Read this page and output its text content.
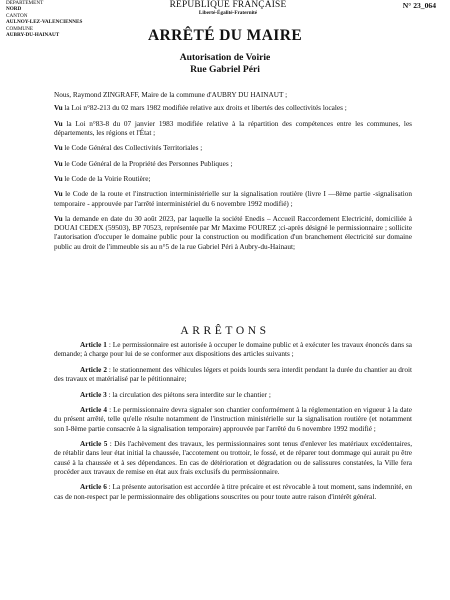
DÉPARTEMENT
NORD
CANTON
AULNOY-LEZ-VALENCIENNES
COMMUNE
AUBRY-DU-HAINAUT
RÉPUBLIQUE FRANÇAISE
Liberté-Égalité-Fraternité
N° 23_064
ARRÊTÉ DU MAIRE
Autorisation de Voirie
Rue Gabriel Péri

Nous, Raymond ZINGRAFF, Maire de la commune d'AUBRY DU HAINAUT ;

Vu la Loi n°82-213 du 02 mars 1982 modifiée relative aux droits et libertés des collectivités locales ;

Vu la Loi n°83-8 du 07 janvier 1983 modifiée relative à la répartition des compétences entre les communes, les départements, les régions et l'État ;

Vu le Code Général des Collectivités Territoriales ;

Vu le Code Général de la Propriété des Personnes Publiques ;

Vu le Code de la Voirie Routière;

Vu le Code de la route et l'instruction interministérielle sur la signalisation routière (livre I —8ème partie -signalisation temporaire - approuvée par l'arrêté interministériel du 6 novembre 1992 modifié) ;

Vu la demande en date du 30 août 2023, par laquelle la société Enedis – Accueil Raccordement Electricité, domiciliée à DOUAI CEDEX (59503), BP 70523, représentée par Mr Maxime FOUREZ ;ci-après désigné le permissionnaire ; sollicite l'autorisation d'occuper le domaine public pour la construction ou modification d'un branchement électricité sur domaine public au droit de l'immeuble sis au n°5 de la rue Gabriel Péri à Aubry-du-Hainaut;

ARRÊTONS

Article 1 : Le permissionnaire est autorisée à occuper le domaine public et à exécuter les travaux énoncés dans sa demande; à charge pour lui de se conformer aux dispositions des articles suivants ;

Article 2 : le stationnement des véhicules légers et poids lourds sera interdit pendant la durée du chantier au droit des travaux et matérialisé par le pétitionnaire;

Article 3 : la circulation des piétons sera interdite sur le chantier ;

Article 4 : Le permissionnaire devra signaler son chantier conformément à la réglementation en vigueur à la date du présent arrêté, telle qu'elle résulte notamment de l'instruction ministérielle sur la signalisation routière (et notamment son I-8ème partie consacrée à la signalisation temporaire) approuvée par l'arrêté du 6 novembre 1992 modifié ;

Article 5 : Dès l'achèvement des travaux, les permissionnaires sont tenus d'enlever les matériaux excédentaires, de rétablir dans leur état initial la chaussée, l'accotement ou trottoir, le fossé, et de réparer tout dommage qui aurait pu être causé à la chaussée et à ses dépendances. En cas de détérioration et dégradation ou de salissures constatées, la Ville fera procéder aux travaux de remise en état aux frais exclusifs du permissionnaire.

Article 6 : La présente autorisation est accordée à titre précaire et est révocable à tout moment, sans indemnité, en cas de non-respect par le permissionnaire des obligations souscrites ou pour toute autre raison d'intérêt général.
